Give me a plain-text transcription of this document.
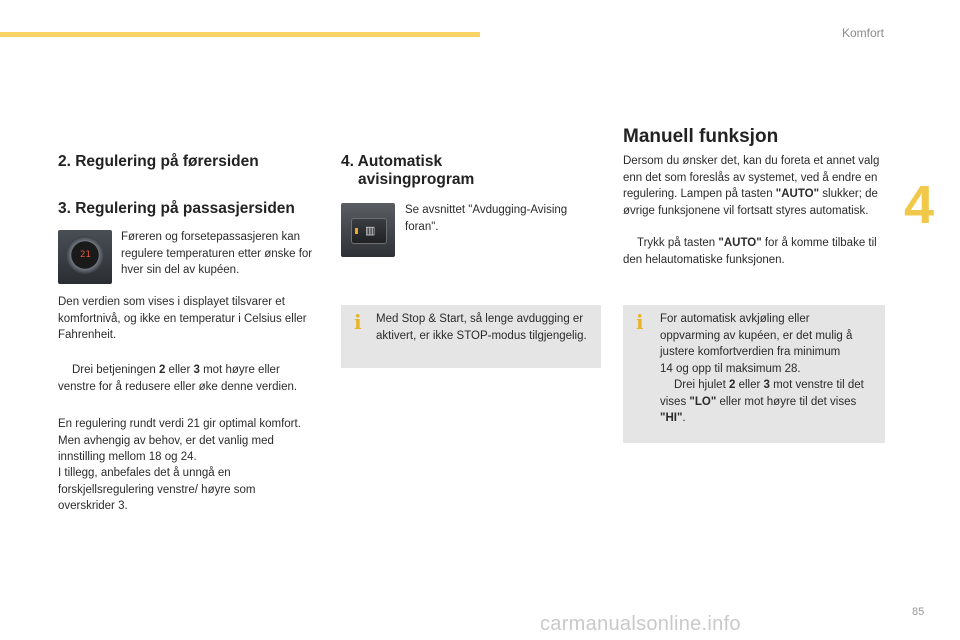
Komfort
4
2. Regulering på førersiden
3. Regulering på passasjersiden
21

Føreren og forsetepassasjeren kan regulere temperaturen etter ønske for hver sin del av kupéen.

Den verdien som vises i displayet tilsvarer et komfortnivå, og ikke en temperatur i Celsius eller Fahrenheit.

Drei betjeningen 2 eller 3 mot høyre eller venstre for å redusere eller øke denne verdien.

En regulering rundt verdi 21 gir optimal komfort. Men avhengig av behov, er det vanlig med innstilling mellom 18 og 24.

I tillegg, anbefales det å unngå en forskjellsregulering venstre/ høyre som overskrider 3.

4. Automatisk
avisingprogram
▥

Se avsnittet "Avdugging-Avising foran".

i Med Stop & Start, så lenge avdugging er aktivert, er ikke STOP-modus tilgjengelig.

Manuell funksjon

Dersom du ønsker det, kan du foreta et annet valg enn det som foreslås av systemet, ved å endre en regulering. Lampen på tasten "AUTO" slukker; de øvrige funksjonene vil fortsatt styres automatisk.

Trykk på tasten "AUTO" for å komme tilbake til den helautomatiske funksjonen.

i For automatisk avkjøling eller oppvarming av kupéen, er det mulig å justere komfortverdien fra minimum 14 og opp til maksimum 28.

Drei hjulet 2 eller 3 mot venstre til det vises "LO" eller mot høyre til det vises "HI".

85
carmanualsonline.info
